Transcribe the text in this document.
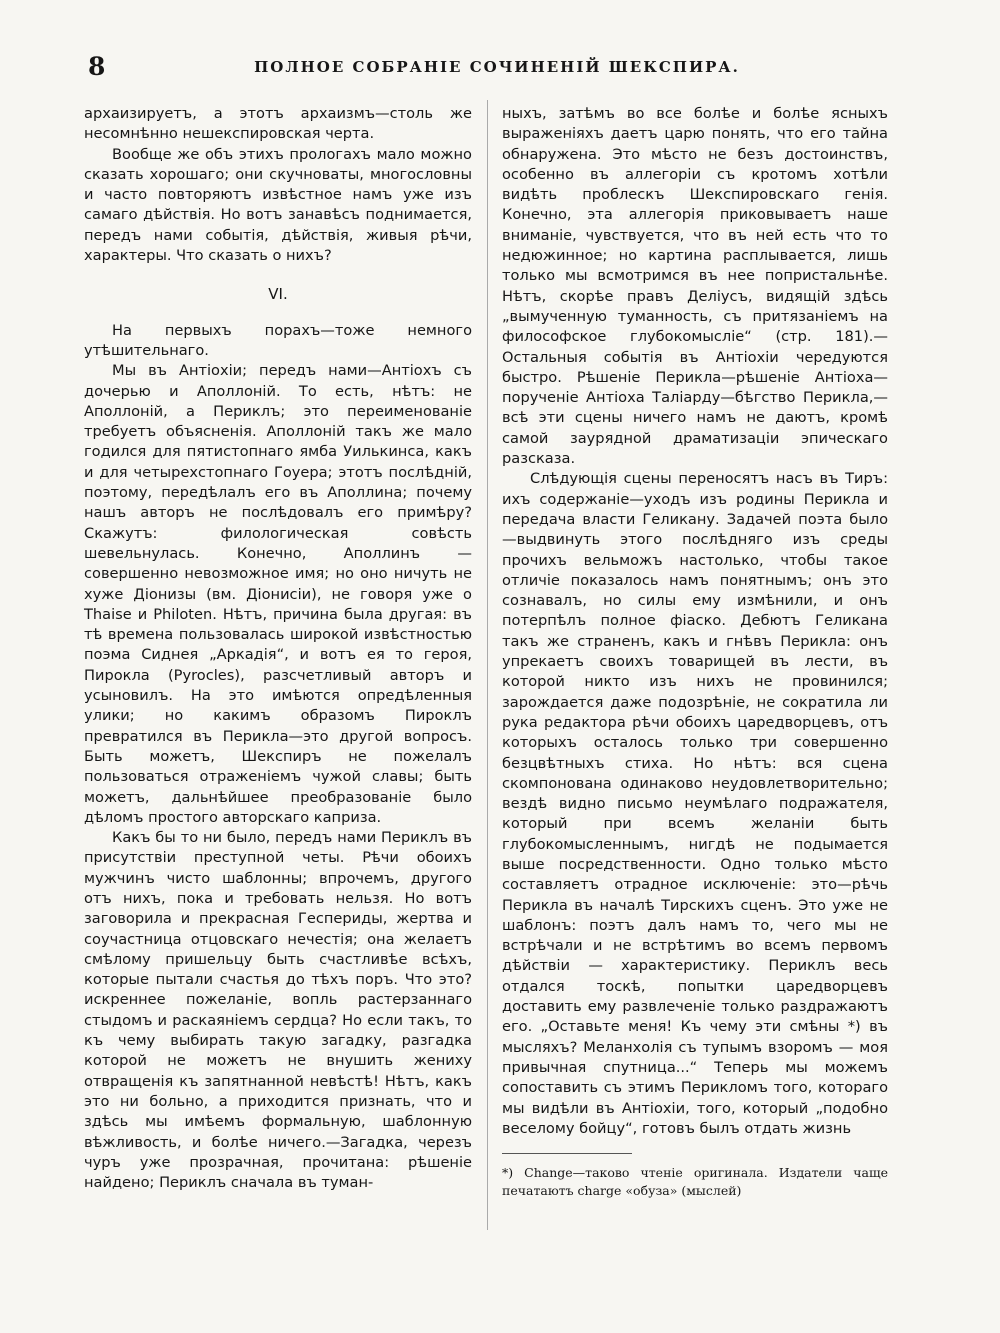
8	ПОЛНОЕ СОБРАНІЕ СОЧИНЕНІЙ ШЕКСПИРА.

архаизируетъ, а этотъ архаизмъ—столь же несомнѣнно нешекспировская черта.

Вообще же объ этихъ прологахъ мало можно сказать хорошаго; они скучноваты, многословны и часто повторяютъ извѣстное намъ уже изъ самаго дѣйствія. Но вотъ занавѣсъ поднимается, передъ нами событія, дѣйствія, живыя рѣчи, характеры. Что сказать о нихъ?

VI.

На первыхъ порахъ—тоже немного утѣшительнаго.

Мы въ Антіохіи; передъ нами—Антіохъ съ дочерью и Аполлоній. То есть, нѣтъ: не Аполлоній, а Периклъ; это переименованіе требуетъ объясненія. Аполлоній такъ же мало годился для пятистопнаго ямба Уилькинса, какъ и для четырехстопнаго Гоуера; этотъ послѣдній, поэтому, передѣлалъ его въ Аполлина; почему нашъ авторъ не послѣдовалъ его примѣру? Скажутъ: филологическая совѣсть шевельнулась. Конечно, Аполлинъ — совершенно невозможное имя; но оно ничуть не хуже Діонизы (вм. Діонисіи), не говоря уже о Thaise и Philoten. Нѣтъ, причина была другая: въ тѣ времена пользовалась широкой извѣстностью поэма Сиднея „Аркадія“, и вотъ ея то героя, Пирокла (Pyrocles), разсчетливый авторъ и усыновилъ. На это имѣются опредѣленныя улики; но какимъ образомъ Пироклъ превратился въ Перикла—это другой вопросъ. Быть можетъ, Шекспиръ не пожелалъ пользоваться отраженіемъ чужой славы; быть можетъ, дальнѣйшее преобразованіе было дѣломъ простого авторскаго каприза.

Какъ бы то ни было, передъ нами Периклъ въ присутствіи преступной четы. Рѣчи обоихъ мужчинъ чисто шаблонны; впрочемъ, другого отъ нихъ, пока и требовать нельзя. Но вотъ заговорила и прекрасная Геспериды, жертва и соучастница отцовскаго нечестія; она желаетъ смѣлому пришельцу быть счастливѣе всѣхъ, которые пытали счастья до тѣхъ поръ. Что это? искреннее пожеланіе, вопль растерзаннаго стыдомъ и раскаяніемъ сердца? Но если такъ, то къ чему выбирать такую загадку, разгадка которой не можетъ не внушить жениху отвращенія къ запятнанной невѣстѣ! Нѣтъ, какъ это ни больно, а приходится признать, что и здѣсь мы имѣемъ формальную, шаблонную вѣжливость, и болѣе ничего.—Загадка, черезъ чуръ уже прозрачная, прочитана: рѣшеніе найдено; Периклъ сначала въ туман-

ныхъ, затѣмъ во все болѣе и болѣе ясныхъ выраженіяхъ даетъ царю понять, что его тайна обнаружена. Это мѣсто не безъ достоинствъ, особенно въ аллегоріи съ кротомъ хотѣли видѣть проблескъ Шекспировскаго генія. Конечно, эта аллегорія приковываетъ наше вниманіе, чувствуется, что въ ней есть что то недюжинное; но картина расплывается, лишь только мы всмотримся въ нее попристальнѣе. Нѣтъ, скорѣе правъ Деліусъ, видящій здѣсь „вымученную туманность, съ притязаніемъ на философское глубокомысліе“ (стр. 181).—Остальныя событія въ Антіохіи чередуются быстро. Рѣшеніе Перикла—рѣшеніе Антіоха—порученіе Антіоха Таліарду—бѣгство Перикла,—всѣ эти сцены ничего намъ не даютъ, кромѣ самой заурядной драматизаціи эпическаго разсказа.

Слѣдующія сцены переносятъ насъ въ Тиръ: ихъ содержаніе—уходъ изъ родины Перикла и передача власти Геликану. Задачей поэта было—выдвинуть этого послѣдняго изъ среды прочихъ вельможъ настолько, чтобы такое отличіе показалось намъ понятнымъ; онъ это сознавалъ, но силы ему измѣнили, и онъ потерпѣлъ полное фіаско. Дебютъ Геликана такъ же страненъ, какъ и гнѣвъ Перикла: онъ упрекаетъ своихъ товарищей въ лести, въ которой никто изъ нихъ не провинился; зарождается даже подозрѣніе, не сократила ли рука редактора рѣчи обоихъ царедворцевъ, отъ которыхъ осталось только три совершенно безцвѣтныхъ стиха. Но нѣтъ: вся сцена скомпонована одинаково неудовлетворительно; вездѣ видно письмо неумѣлаго подражателя, который при всемъ желаніи быть глубокомысленнымъ, нигдѣ не подымается выше посредственности. Одно только мѣсто составляетъ отрадное исключеніе: это—рѣчь Перикла въ началѣ Тирскихъ сценъ. Это уже не шаблонъ: поэтъ далъ намъ то, чего мы не встрѣчали и не встрѣтимъ во всемъ первомъ дѣйствіи — характеристику. Периклъ весь отдался тоскѣ, попытки царедворцевъ доставить ему развлеченіе только раздражаютъ его. „Оставьте меня! Къ чему эти смѣны *) въ мысляхъ? Меланхолія съ тупымъ взоромъ — моя привычная спутница...“ Теперь мы можемъ сопоставить съ этимъ Перикломъ того, котораго мы видѣли въ Антіохіи, того, который „подобно веселому бойцу“, готовъ былъ отдать жизнь

*) Change—таково чтеніе оригинала. Издатели чаще печатаютъ charge «обуза» (мыслей)
